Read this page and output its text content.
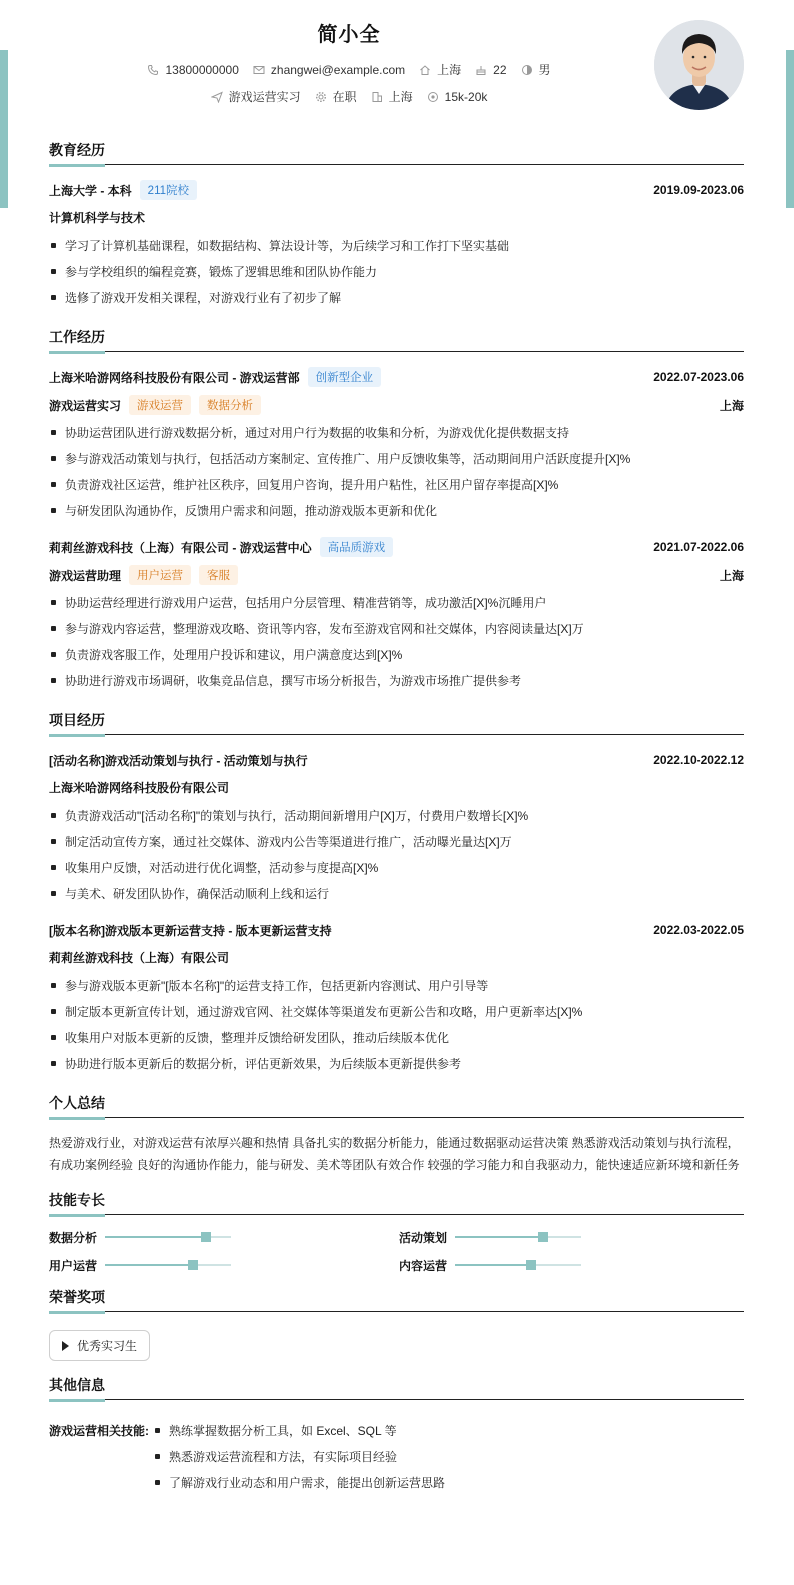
简小全
13800000000	zhangwei@example.com	上海	22	男
游戏运营实习	在职	上海	15k-20k
教育经历
上海大学 - 本科	211院校	2019.09-2023.06
计算机科学与技术
学习了计算机基础课程，如数据结构、算法设计等，为后续学习和工作打下坚实基础
参与学校组织的编程竞赛，锻炼了逻辑思维和团队协作能力
选修了游戏开发相关课程，对游戏行业有了初步了解
工作经历
上海米哈游网络科技股份有限公司 - 游戏运营部	创新型企业	2022.07-2023.06
游戏运营实习	游戏运营	数据分析	上海
协助运营团队进行游戏数据分析，通过对用户行为数据的收集和分析，为游戏优化提供数据支持
参与游戏活动策划与执行，包括活动方案制定、宣传推广、用户反馈收集等，活动期间用户活跃度提升[X]%
负责游戏社区运营，维护社区秩序，回复用户咨询，提升用户粘性，社区用户留存率提高[X]%
与研发团队沟通协作，反馈用户需求和问题，推动游戏版本更新和优化
莉莉丝游戏科技（上海）有限公司 - 游戏运营中心	高品质游戏	2021.07-2022.06
游戏运营助理	用户运营	客服	上海
协助运营经理进行游戏用户运营，包括用户分层管理、精准营销等，成功激活[X]%沉睡用户
参与游戏内容运营，整理游戏攻略、资讯等内容，发布至游戏官网和社交媒体，内容阅读量达[X]万
负责游戏客服工作，处理用户投诉和建议，用户满意度达到[X]%
协助进行游戏市场调研，收集竞品信息，撰写市场分析报告，为游戏市场推广提供参考
项目经历
[活动名称]游戏活动策划与执行 - 活动策划与执行	2022.10-2022.12
上海米哈游网络科技股份有限公司
负责游戏活动"[活动名称]"的策划与执行，活动期间新增用户[X]万，付费用户数增长[X]%
制定活动宣传方案，通过社交媒体、游戏内公告等渠道进行推广，活动曝光量达[X]万
收集用户反馈，对活动进行优化调整，活动参与度提高[X]%
与美术、研发团队协作，确保活动顺利上线和运行
[版本名称]游戏版本更新运营支持 - 版本更新运营支持	2022.03-2022.05
莉莉丝游戏科技（上海）有限公司
参与游戏版本更新"[版本名称]"的运营支持工作，包括更新内容测试、用户引导等
制定版本更新宣传计划，通过游戏官网、社交媒体等渠道发布更新公告和攻略，用户更新率达[X]%
收集用户对版本更新的反馈，整理并反馈给研发团队，推动后续版本优化
协助进行版本更新后的数据分析，评估更新效果，为后续版本更新提供参考
个人总结
热爱游戏行业，对游戏运营有浓厚兴趣和热情 具备扎实的数据分析能力，能通过数据驱动运营决策 熟悉游戏活动策划与执行流程，
有成功案例经验 良好的沟通协作能力，能与研发、美术等团队有效合作 较强的学习能力和自我驱动力，能快速适应新环境和新任务
技能专长
数据分析	活动策划
用户运营	内容运营
荣誉奖项
优秀实习生
其他信息
游戏运营相关技能:	熟练掌握数据分析工具，如 Excel、SQL 等
熟悉游戏运营流程和方法，有实际项目经验
了解游戏行业动态和用户需求，能提出创新运营思路
